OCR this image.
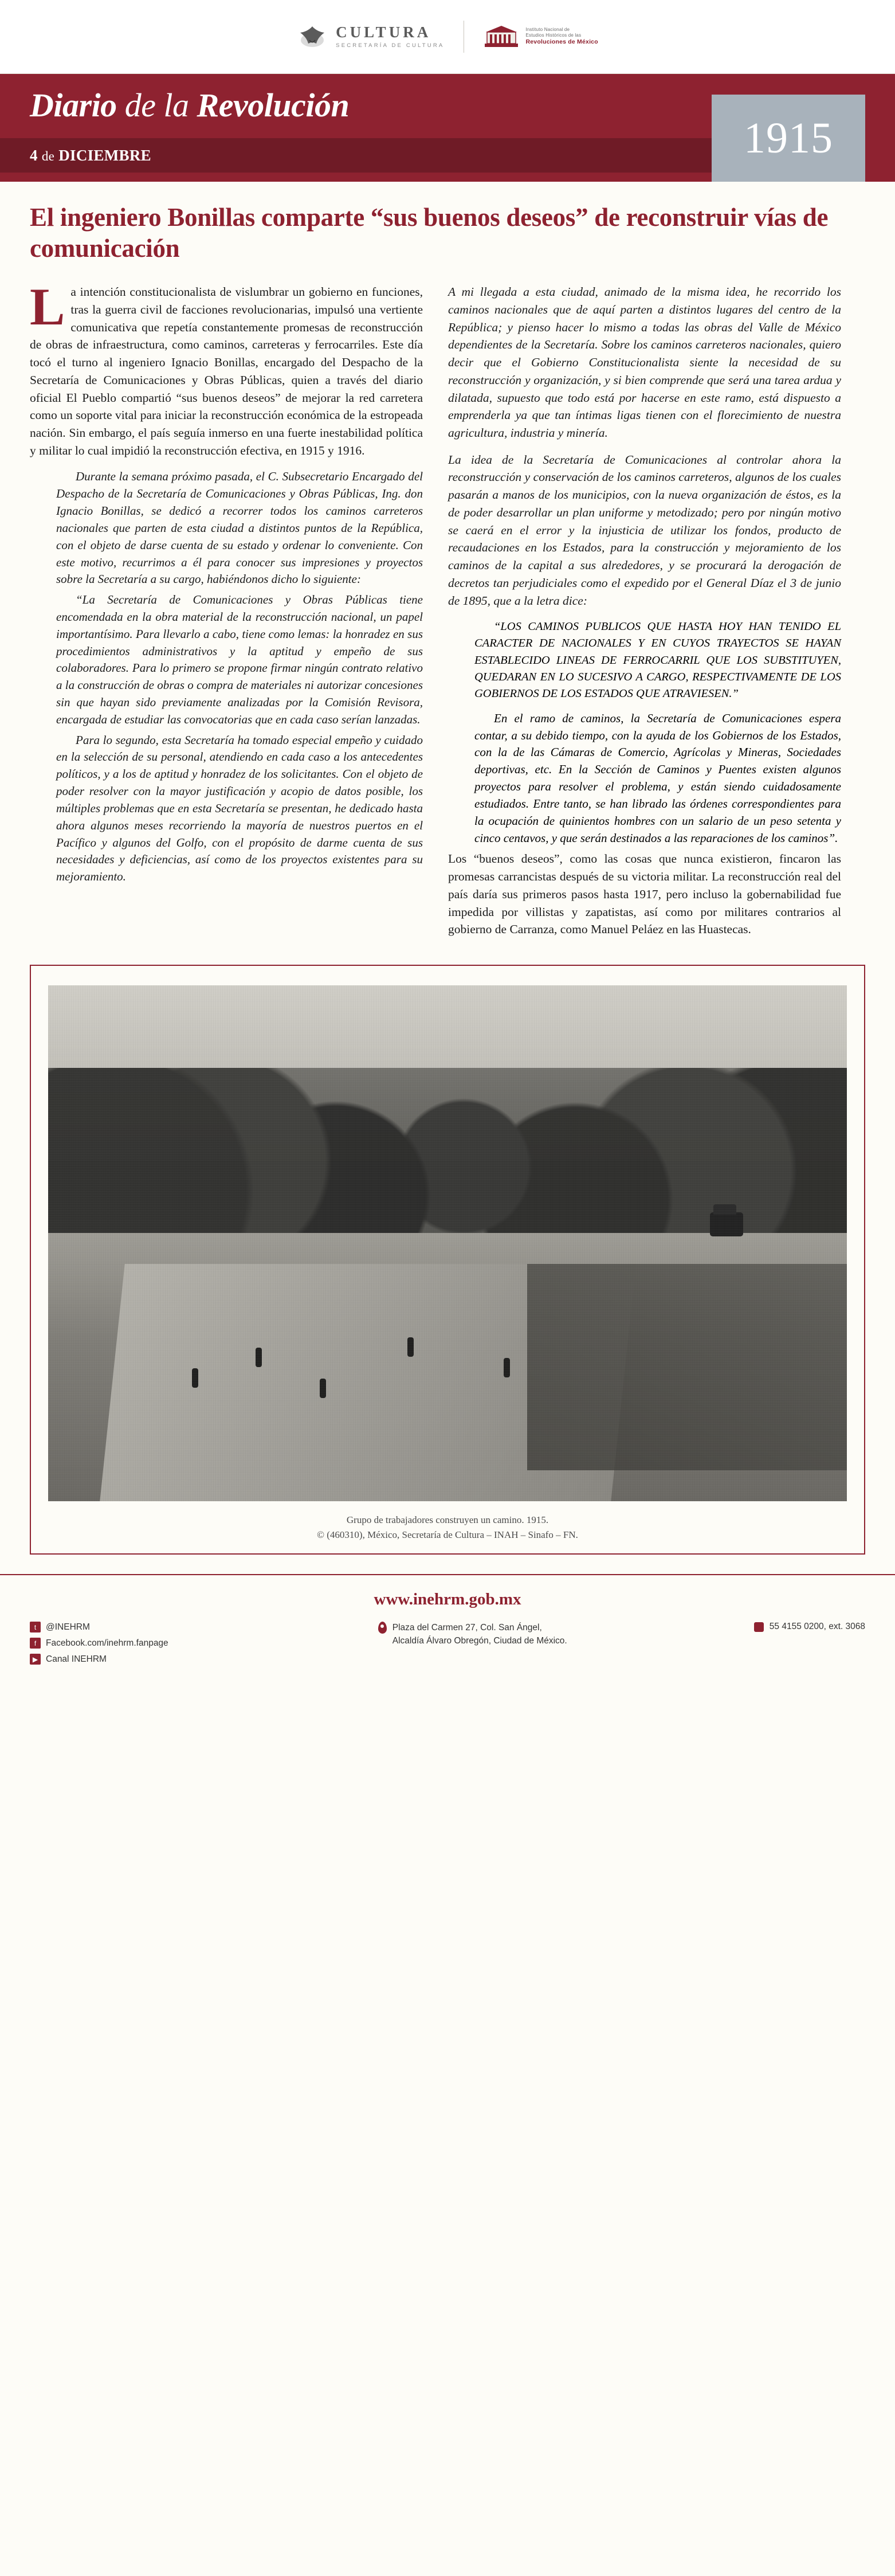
CULTURA
SECRETARÍA DE CULTURA
Instituto Nacional de
Estudios Históricos de las
Revoluciones de México
Diario de la Revolución
4 de DICIEMBRE	1915
El ingeniero Bonillas comparte “sus buenos deseos” de reconstruir vías de comunicación

La intención constitucionalista de vislumbrar un gobierno en funciones, tras la guerra civil de facciones revolucionarias, impulsó una vertiente comunicativa que repetía constantemente promesas de reconstrucción de obras de infraestructura, como caminos, carreteras y ferrocarriles. Este día tocó el turno al ingeniero Ignacio Bonillas, encargado del Despacho de la Secretaría de Comunicaciones y Obras Públicas, quien a través del diario oficial El Pueblo compartió “sus buenos deseos” de mejorar la red carretera como un soporte vital para iniciar la reconstrucción económica de la estropeada nación. Sin embargo, el país seguía inmerso en una fuerte inestabilidad política y militar lo cual impidió la reconstrucción efectiva, en 1915 y 1916.

Durante la semana próximo pasada, el C. Subsecretario Encargado del Despacho de la Secretaría de Comunicaciones y Obras Públicas, Ing. don Ignacio Bonillas, se dedicó a recorrer todos los caminos carreteros nacionales que parten de esta ciudad a distintos puntos de la República, con el objeto de darse cuenta de su estado y ordenar lo conveniente. Con este motivo, recurrimos a él para conocer sus impresiones y proyectos sobre la Secretaría a su cargo, habiéndonos dicho lo siguiente:

“La Secretaría de Comunicaciones y Obras Públicas tiene encomendada en la obra material de la reconstrucción nacional, un papel importantísimo. Para llevarlo a cabo, tiene como lemas: la honradez en sus procedimientos administrativos y la aptitud y empeño de sus colaboradores. Para lo primero se propone firmar ningún contrato relativo a la construcción de obras o compra de materiales ni autorizar concesiones sin que hayan sido previamente analizadas por la Comisión Revisora, encargada de estudiar las convocatorias que en cada caso serían lanzadas.

Para lo segundo, esta Secretaría ha tomado especial empeño y cuidado en la selección de su personal, atendiendo en cada caso a los antecedentes políticos, y a los de aptitud y honradez de los solicitantes. Con el objeto de poder resolver con la mayor justificación y acopio de datos posible, los múltiples problemas que en esta Secretaría se presentan, he dedicado hasta ahora algunos meses recorriendo la mayoría de nuestros puertos en el Pacífico y algunos del Golfo, con el propósito de darme cuenta de sus necesidades y deficiencias, así como de los proyectos existentes para su mejoramiento.

A mi llegada a esta ciudad, animado de la misma idea, he recorrido los caminos nacionales que de aquí parten a distintos lugares del centro de la República; y pienso hacer lo mismo a todas las obras del Valle de México dependientes de la Secretaría. Sobre los caminos carreteros nacionales, quiero decir que el Gobierno Constitucionalista siente la necesidad de su reconstrucción y organización, y si bien comprende que será una tarea ardua y dilatada, supuesto que todo está por hacerse en este ramo, está dispuesto a emprenderla ya que tan íntimas ligas tienen con el florecimiento de nuestra agricultura, industria y minería.

La idea de la Secretaría de Comunicaciones al controlar ahora la reconstrucción y conservación de los caminos carreteros, algunos de los cuales pasarán a manos de los municipios, con la nueva organización de éstos, es la de poder desarrollar un plan uniforme y metodizado; pero por ningún motivo se caerá en el error y la injusticia de utilizar los fondos, producto de recaudaciones en los Estados, para la construcción y mejoramiento de los caminos de la capital a sus alrededores, y se procurará la derogación de decretos tan perjudiciales como el expedido por el General Díaz el 3 de junio de 1895, que a la letra dice:

“LOS CAMINOS PUBLICOS QUE HASTA HOY HAN TENIDO EL CARACTER DE NACIONALES Y EN CUYOS TRAYECTOS SE HAYAN ESTABLECIDO LINEAS DE FERROCARRIL QUE LOS SUBSTITUYEN, QUEDARAN EN LO SUCESIVO A CARGO, RESPECTIVAMENTE DE LOS GOBIERNOS DE LOS ESTADOS QUE ATRAVIESEN.”

En el ramo de caminos, la Secretaría de Comunicaciones espera contar, a su debido tiempo, con la ayuda de los Gobiernos de los Estados, con la de las Cámaras de Comercio, Agrícolas y Mineras, Sociedades deportivas, etc. En la Sección de Caminos y Puentes existen algunos proyectos para resolver el problema, y están siendo cuidadosamente estudiados. Entre tanto, se han librado las órdenes correspondientes para la ocupación de quinientos hombres con un salario de un peso setenta y cinco centavos, y que serán destinados a las reparaciones de los caminos”.

Los “buenos deseos”, como las cosas que nunca existieron, fincaron las promesas carrancistas después de su victoria militar. La reconstrucción real del país daría sus primeros pasos hasta 1917, pero incluso la gobernabilidad fue impedida por villistas y zapatistas, así como por militares contrarios al gobierno de Carranza, como Manuel Peláez en las Huastecas.

Grupo de trabajadores construyen un camino. 1915.
© (460310), México, Secretaría de Cultura – INAH – Sinafo – FN.
www.inehrm.gob.mx
t	@INEHRM
f	Facebook.com/inehrm.fanpage
▶ Canal INEHRM
Plaza del Carmen 27, Col. San Ángel,
Alcaldía Álvaro Obregón, Ciudad de México.
55 4155 0200, ext. 3068
